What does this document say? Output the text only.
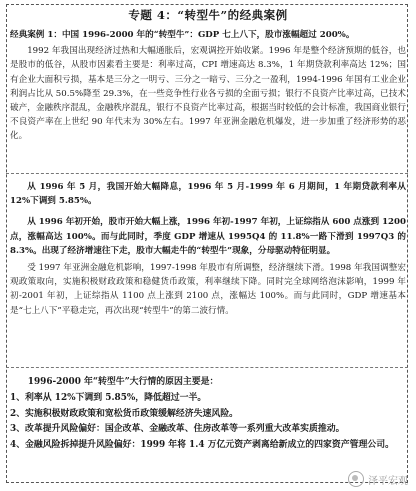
专题 4：“转型牛”的经典案例

经典案例 1：中国 1996-2000 年的“转型牛”：GDP 七上八下，股市涨幅超过 200%。

1992 年我国出现经济过热和大幅通胀后，宏观调控开始收紧。1996 年是整个经济预期的低谷，也是股市的低谷，从股市因素看主要是：利率过高，CPI 增速高达 8.3%，1 年期贷款利率高达 12%；国有企业大面积亏损，基本是三分之一明亏、三分之一暗亏、三分之一盈利，1994-1996 年国有工业企业利润占比从 50.5%降至 29.3%，在一些竞争性行业各亏损的全面亏损；银行不良资产比率过高，已技术破产，金融秩序混乱，金融秩序混乱，银行不良资产比率过高，根据当时较低的会计标准，我国商业银行不良资产率在上世纪 90 年代末为 30%左右。1997 年亚洲金融危机爆发，进一步加重了经济形势的恶化。

从 1996 年 5 月，我国开始大幅降息，1996 年 5 月-1999 年 6 月期间，1 年期贷款利率从 12%下调到 5.85%。

从 1996 年初开始，股市开始大幅上涨，1996 年初-1997 年初，上证综指从 600 点涨到 1200 点，涨幅高达 100%。而与此同时，季度 GDP 增速从 1995Q4 的 11.8%一路下滑到 1997Q3 的 8.3%。出现了经济增速往下走，股市大幅走牛的“转型牛”现象，分母驱动特征明显。

受 1997 年亚洲金融危机影响，1997-1998 年股市有所调整，经济继续下滑。1998 年我国调整宏观政策取向，实施积极财政政策和稳健货币政策，利率继续下降。同时完全球网络泡沫影响，1999 年初-2001 年初，上证综指从 1100 点上涨到 2100 点，涨幅达 100%。而与此同时，GDP 增速基本是“七上八下”平稳走完，再次出现“转型牛”的第二波行情。

1996-2000 年“转型牛”大行情的原因主要是：

1、利率从 12%下调到 5.85%，降低超过一半。

2、实施积极财政政策和宽松货币政策缓解经济失速风险。

3、改革提升风险偏好：国企改革、金融改革、住房改革等一系列重大改革实质推动。

4、金融风险拆掉提升风险偏好：1999 年将 1.4 万亿元资产剥离给新成立的四家资产管理公司。

泽平宏观
